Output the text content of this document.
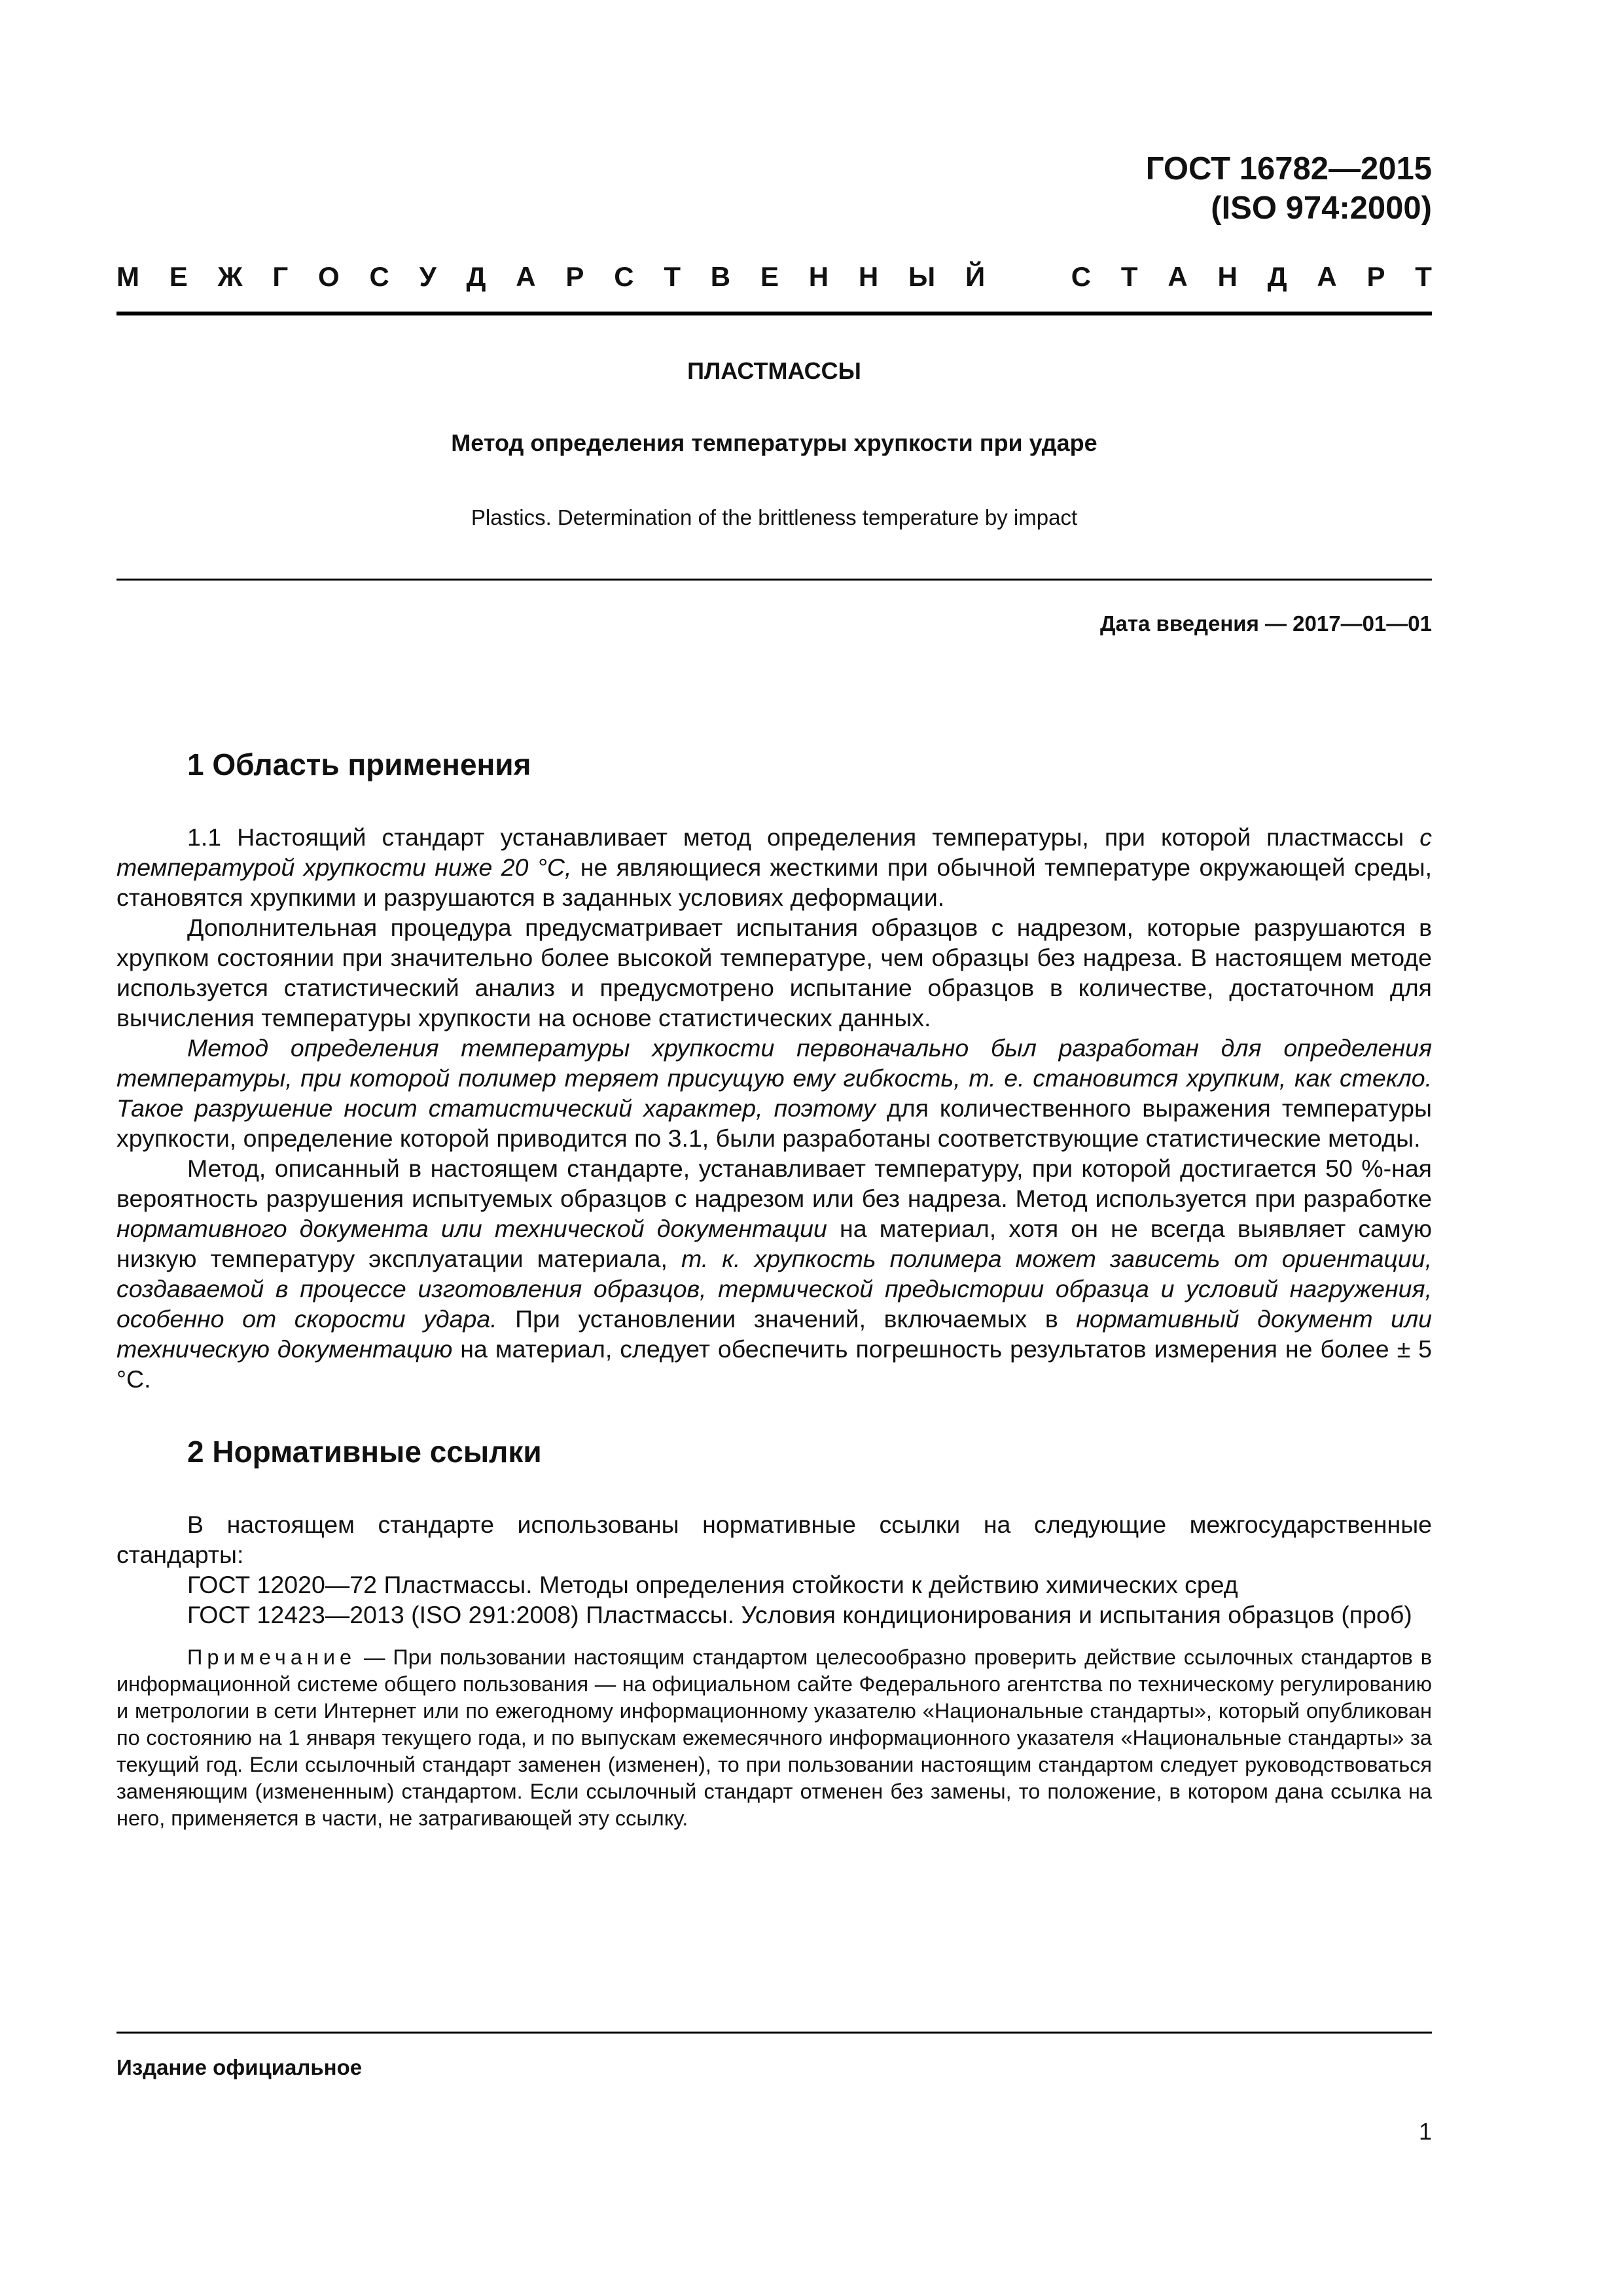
ГОСТ 16782—2015
(ISO 974:2000)
М Е Ж Г О С У Д А Р С Т В Е Н Н Ы Й	С Т А Н Д А Р Т
ПЛАСТМАССЫ
Метод определения температуры хрупкости при ударе
Plastics. Determination of the brittleness temperature by impact
Дата введения — 2017—01—01
1 Область применения

1.1 Настоящий стандарт устанавливает метод определения температуры, при которой пластмассы с температурой хрупкости ниже 20 °С, не являющиеся жесткими при обычной температуре окружающей среды, становятся хрупкими и разрушаются в заданных условиях деформации.

Дополнительная процедура предусматривает испытания образцов с надрезом, которые разрушаются в хрупком состоянии при значительно более высокой температуре, чем образцы без надреза. В настоящем методе используется статистический анализ и предусмотрено испытание образцов в количестве, достаточном для вычисления температуры хрупкости на основе статистических данных.

Метод определения температуры хрупкости первоначально был разработан для определения температуры, при которой полимер теряет присущую ему гибкость, т. е. становится хрупким, как стекло. Такое разрушение носит статистический характер, поэтому для количественного выражения температуры хрупкости, определение которой приводится по 3.1, были разработаны соответствующие статистические методы.

Метод, описанный в настоящем стандарте, устанавливает температуру, при которой достигается 50 %-ная вероятность разрушения испытуемых образцов с надрезом или без надреза. Метод используется при разработке нормативного документа или технической документации на материал, хотя он не всегда выявляет самую низкую температуру эксплуатации материала, т. к. хрупкость полимера может зависеть от ориентации, создаваемой в процессе изготовления образцов, термической предыстории образца и условий нагружения, особенно от скорости удара. При установлении значений, включаемых в нормативный документ или техническую документацию на материал, следует обеспечить погрешность результатов измерения не более ± 5 °С.

2 Нормативные ссылки

В настоящем стандарте использованы нормативные ссылки на следующие межгосударственные стандарты:

ГОСТ 12020—72 Пластмассы. Методы определения стойкости к действию химических сред

ГОСТ 12423—2013 (ISO 291:2008) Пластмассы. Условия кондиционирования и испытания образцов (проб)

Примечание — При пользовании настоящим стандартом целесообразно проверить действие ссылочных стандартов в информационной системе общего пользования — на официальном сайте Федерального агентства по техническому регулированию и метрологии в сети Интернет или по ежегодному информационному указателю «Национальные стандарты», который опубликован по состоянию на 1 января текущего года, и по выпускам ежемесячного информационного указателя «Национальные стандарты» за текущий год. Если ссылочный стандарт заменен (изменен), то при пользовании настоящим стандартом следует руководствоваться заменяющим (измененным) стандартом. Если ссылочный стандарт отменен без замены, то положение, в котором дана ссылка на него, применяется в части, не затрагивающей эту ссылку.

Издание официальное
1
